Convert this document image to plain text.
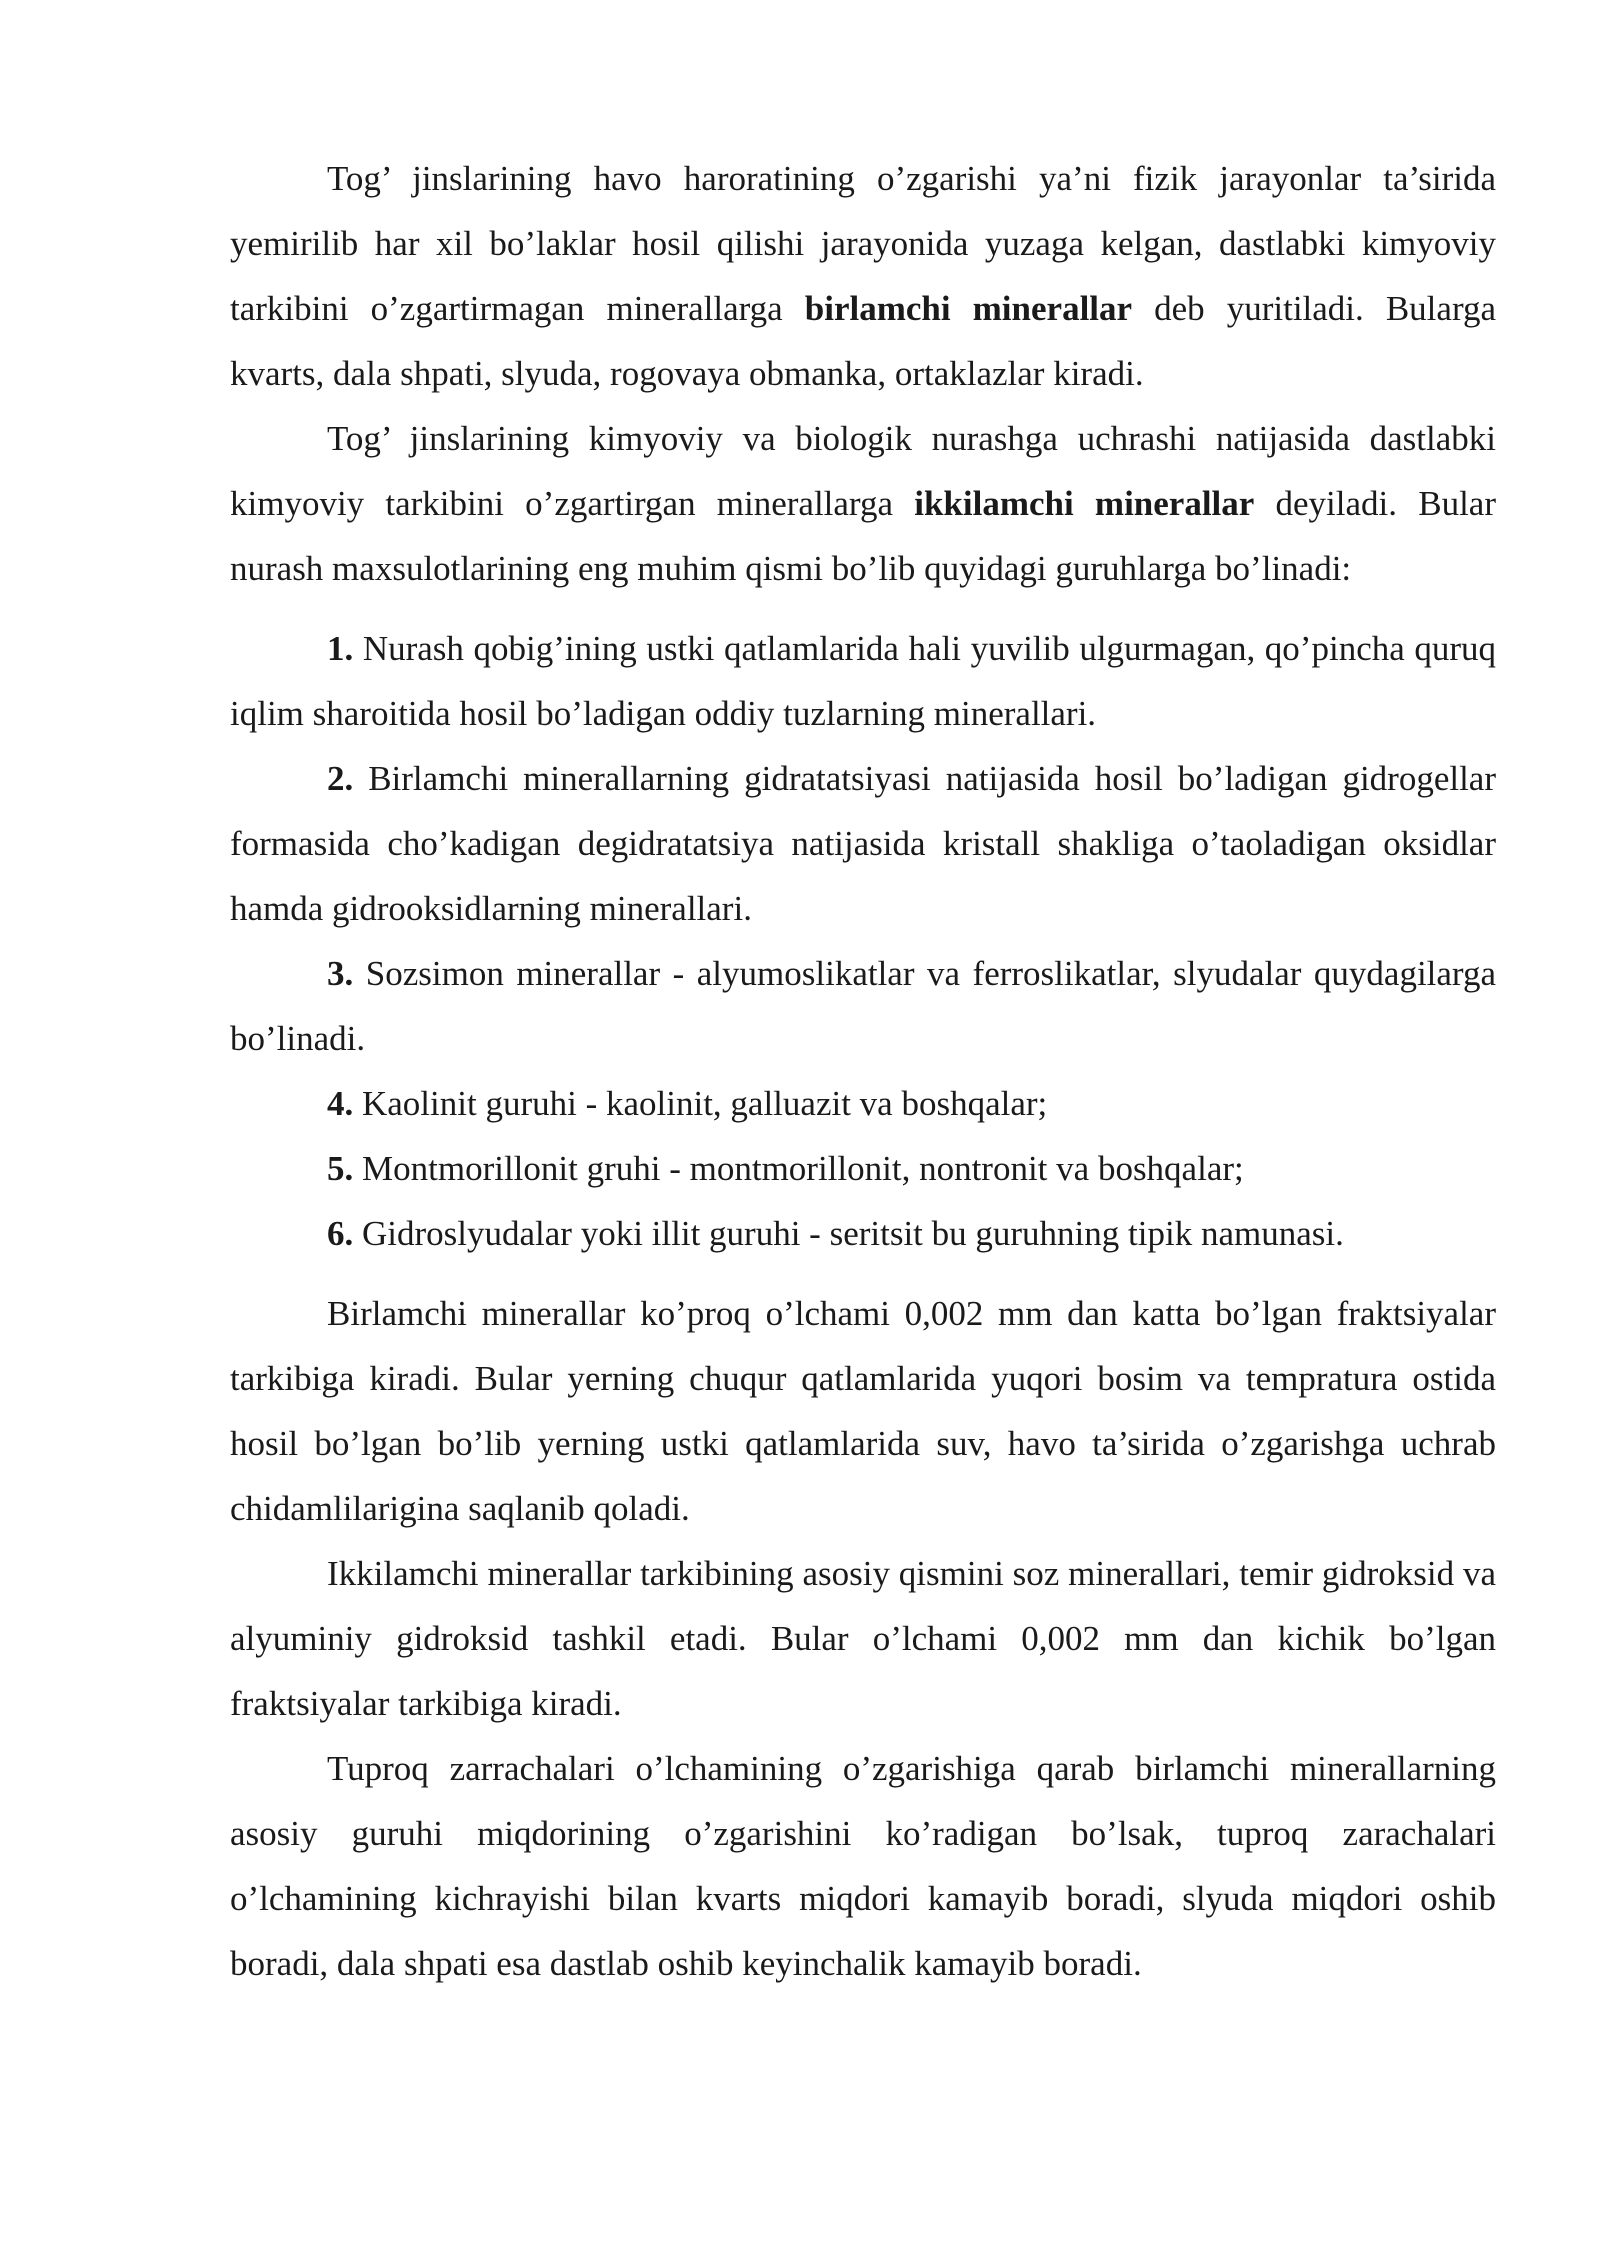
Tog’ jinslarining havo haroratining o’zgarishi ya’ni fizik jarayonlar ta’sirida yemirilib har xil bo’laklar hosil qilishi jarayonida yuzaga kelgan, dastlabki kimyoviy tarkibini o’zgartirmagan minerallarga birlamchi minerallar deb yuritiladi. Bularga kvarts, dala shpati, slyuda, rogovaya obmanka, ortaklazlar kiradi.

Tog’ jinslarining kimyoviy va biologik nurashga uchrashi natijasida dastlabki kimyoviy tarkibini o’zgartirgan minerallarga ikkilamchi minerallar deyiladi. Bular nurash maxsulotlarining eng muhim qismi bo’lib quyidagi guruhlarga bo’linadi:

1. Nurash qobig’ining ustki qatlamlarida hali yuvilib ulgurmagan, qo’pincha quruq iqlim sharoitida hosil bo’ladigan oddiy tuzlarning minerallari.

2. Birlamchi minerallarning gidratatsiyasi natijasida hosil bo’ladigan gidrogellar formasida cho’kadigan degidratatsiya natijasida kristall shakliga o’taoladigan oksidlar hamda gidrooksidlarning minerallari.

3. Sozsimon minerallar - alyumoslikatlar va ferroslikatlar, slyudalar quydagilarga bo’linadi.

4. Kaolinit guruhi - kaolinit, galluazit va boshqalar;

5. Montmorillonit gruhi - montmorillonit, nontronit va boshqalar;

6. Gidroslyudalar yoki illit guruhi - seritsit bu guruhning tipik namunasi.

Birlamchi minerallar ko’proq o’lchami 0,002 mm dan katta bo’lgan fraktsiyalar tarkibiga kiradi. Bular yerning chuqur qatlamlarida yuqori bosim va tempratura ostida hosil bo’lgan bo’lib yerning ustki qatlamlarida suv, havo ta’sirida o’zgarishga uchrab chidamlilarigina saqlanib qoladi.

Ikkilamchi minerallar tarkibining asosiy qismini soz minerallari, temir gidroksid va alyuminiy gidroksid tashkil etadi. Bular o’lchami 0,002 mm dan kichik bo’lgan fraktsiyalar tarkibiga kiradi.

Tuproq zarrachalari o’lchamining o’zgarishiga qarab birlamchi minerallarning asosiy guruhi miqdorining o’zgarishini ko’radigan bo’lsak, tuproq zarachalari o’lchamining kichrayishi bilan kvarts miqdori kamayib boradi, slyuda miqdori oshib boradi, dala shpati esa dastlab oshib keyinchalik kamayib boradi.
